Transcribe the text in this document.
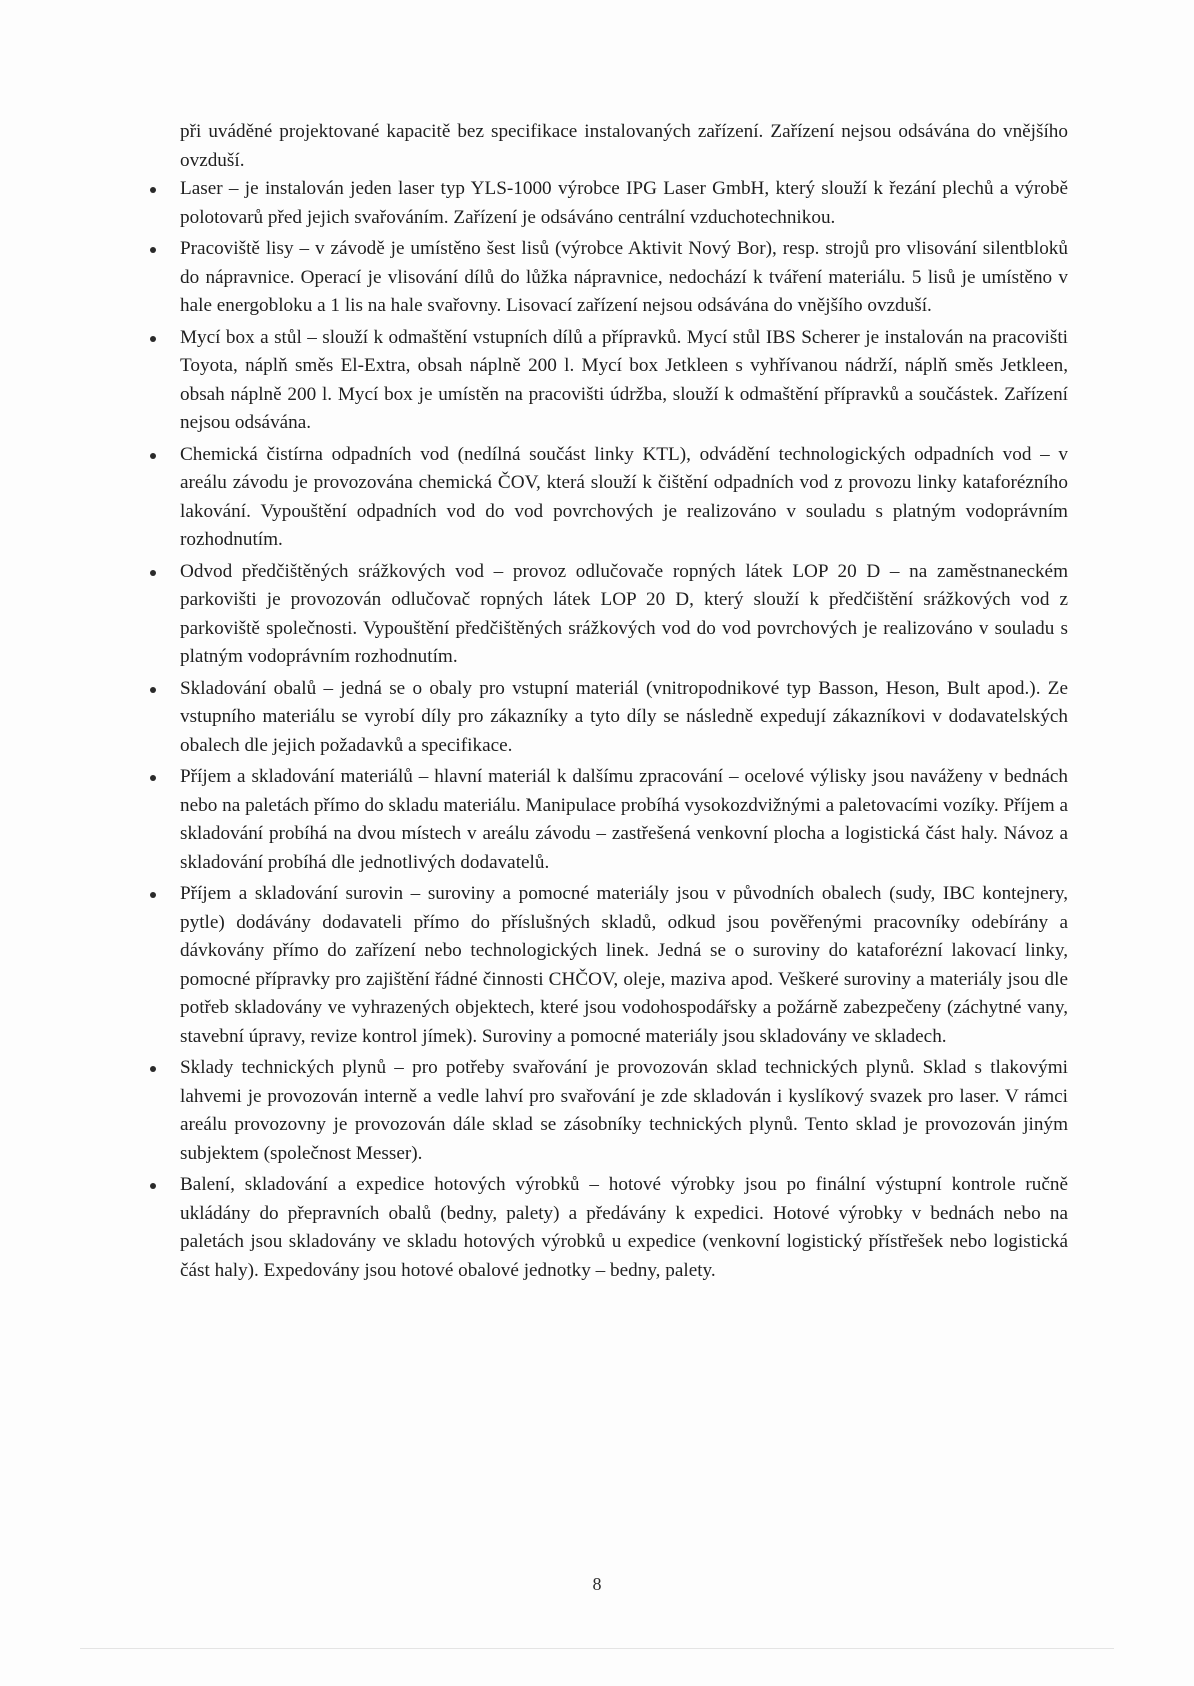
při uváděné projektované kapacitě bez specifikace instalovaných zařízení. Zařízení nejsou odsávána do vnějšího ovzduší.

Laser – je instalován jeden laser typ YLS-1000 výrobce IPG Laser GmbH, který slouží k řezání plechů a výrobě polotovarů před jejich svařováním. Zařízení je odsáváno centrální vzduchotechnikou.

Pracoviště lisy – v závodě je umístěno šest lisů (výrobce Aktivit Nový Bor), resp. strojů pro vlisování silentbloků do nápravnice. Operací je vlisování dílů do lůžka nápravnice, nedochází k tváření materiálu. 5 lisů je umístěno v hale energobloku a 1 lis na hale svařovny. Lisovací zařízení nejsou odsávána do vnějšího ovzduší.

Mycí box a stůl – slouží k odmaštění vstupních dílů a přípravků. Mycí stůl IBS Scherer je instalován na pracovišti Toyota, náplň směs El-Extra, obsah náplně 200 l. Mycí box Jetkleen s vyhřívanou nádrží, náplň směs Jetkleen, obsah náplně 200 l. Mycí box je umístěn na pracovišti údržba, slouží k odmaštění přípravků a součástek. Zařízení nejsou odsávána.

Chemická čistírna odpadních vod (nedílná součást linky KTL), odvádění technologických odpadních vod – v areálu závodu je provozována chemická ČOV, která slouží k čištění odpadních vod z provozu linky kataforézního lakování. Vypouštění odpadních vod do vod povrchových je realizováno v souladu s platným vodoprávním rozhodnutím.

Odvod předčištěných srážkových vod – provoz odlučovače ropných látek LOP 20 D – na zaměstnaneckém parkovišti je provozován odlučovač ropných látek LOP 20 D, který slouží k předčištění srážkových vod z parkoviště společnosti. Vypouštění předčištěných srážkových vod do vod povrchových je realizováno v souladu s platným vodoprávním rozhodnutím.

Skladování obalů – jedná se o obaly pro vstupní materiál (vnitropodnikové typ Basson, Heson, Bult apod.). Ze vstupního materiálu se vyrobí díly pro zákazníky a tyto díly se následně expedují zákazníkovi v dodavatelských obalech dle jejich požadavků a specifikace.

Příjem a skladování materiálů – hlavní materiál k dalšímu zpracování – ocelové výlisky jsou naváženy v bednách nebo na paletách přímo do skladu materiálu. Manipulace probíhá vysokozdvižnými a paletovacími vozíky. Příjem a skladování probíhá na dvou místech v areálu závodu – zastřešená venkovní plocha a logistická část haly. Návoz a skladování probíhá dle jednotlivých dodavatelů.

Příjem a skladování surovin – suroviny a pomocné materiály jsou v původních obalech (sudy, IBC kontejnery, pytle) dodávány dodavateli přímo do příslušných skladů, odkud jsou pověřenými pracovníky odebírány a dávkovány přímo do zařízení nebo technologických linek. Jedná se o suroviny do kataforézní lakovací linky, pomocné přípravky pro zajištění řádné činnosti CHČOV, oleje, maziva apod. Veškeré suroviny a materiály jsou dle potřeb skladovány ve vyhrazených objektech, které jsou vodohospodářsky a požárně zabezpečeny (záchytné vany, stavební úpravy, revize kontrol jímek). Suroviny a pomocné materiály jsou skladovány ve skladech.

Sklady technických plynů – pro potřeby svařování je provozován sklad technických plynů. Sklad s tlakovými lahvemi je provozován interně a vedle lahví pro svařování je zde skladován i kyslíkový svazek pro laser. V rámci areálu provozovny je provozován dále sklad se zásobníky technických plynů. Tento sklad je provozován jiným subjektem (společnost Messer).

Balení, skladování a expedice hotových výrobků – hotové výrobky jsou po finální výstupní kontrole ručně ukládány do přepravních obalů (bedny, palety) a předávány k expedici. Hotové výrobky v bednách nebo na paletách jsou skladovány ve skladu hotových výrobků u expedice (venkovní logistický přístřešek nebo logistická část haly). Expedovány jsou hotové obalové jednotky – bedny, palety.

8
